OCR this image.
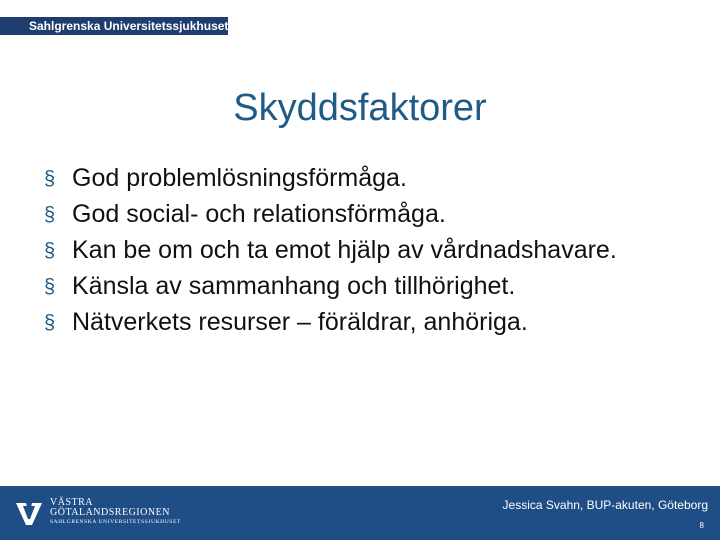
Sahlgrenska Universitetssjukhuset
Skyddsfaktorer
§ God problemlösningsförmåga.
§ God social- och relationsförmåga.
§ Kan be om och ta emot hjälp av vårdnadshavare.
§ Känsla av sammanhang och tillhörighet.
§ Nätverkets resurser – föräldrar, anhöriga.
VÄSTRA
GÖTALANDSREGIONEN
SAHLGRENSKA UNIVERSITETSSJUKHUSET
Jessica Svahn, BUP-akuten, Göteborg
8
